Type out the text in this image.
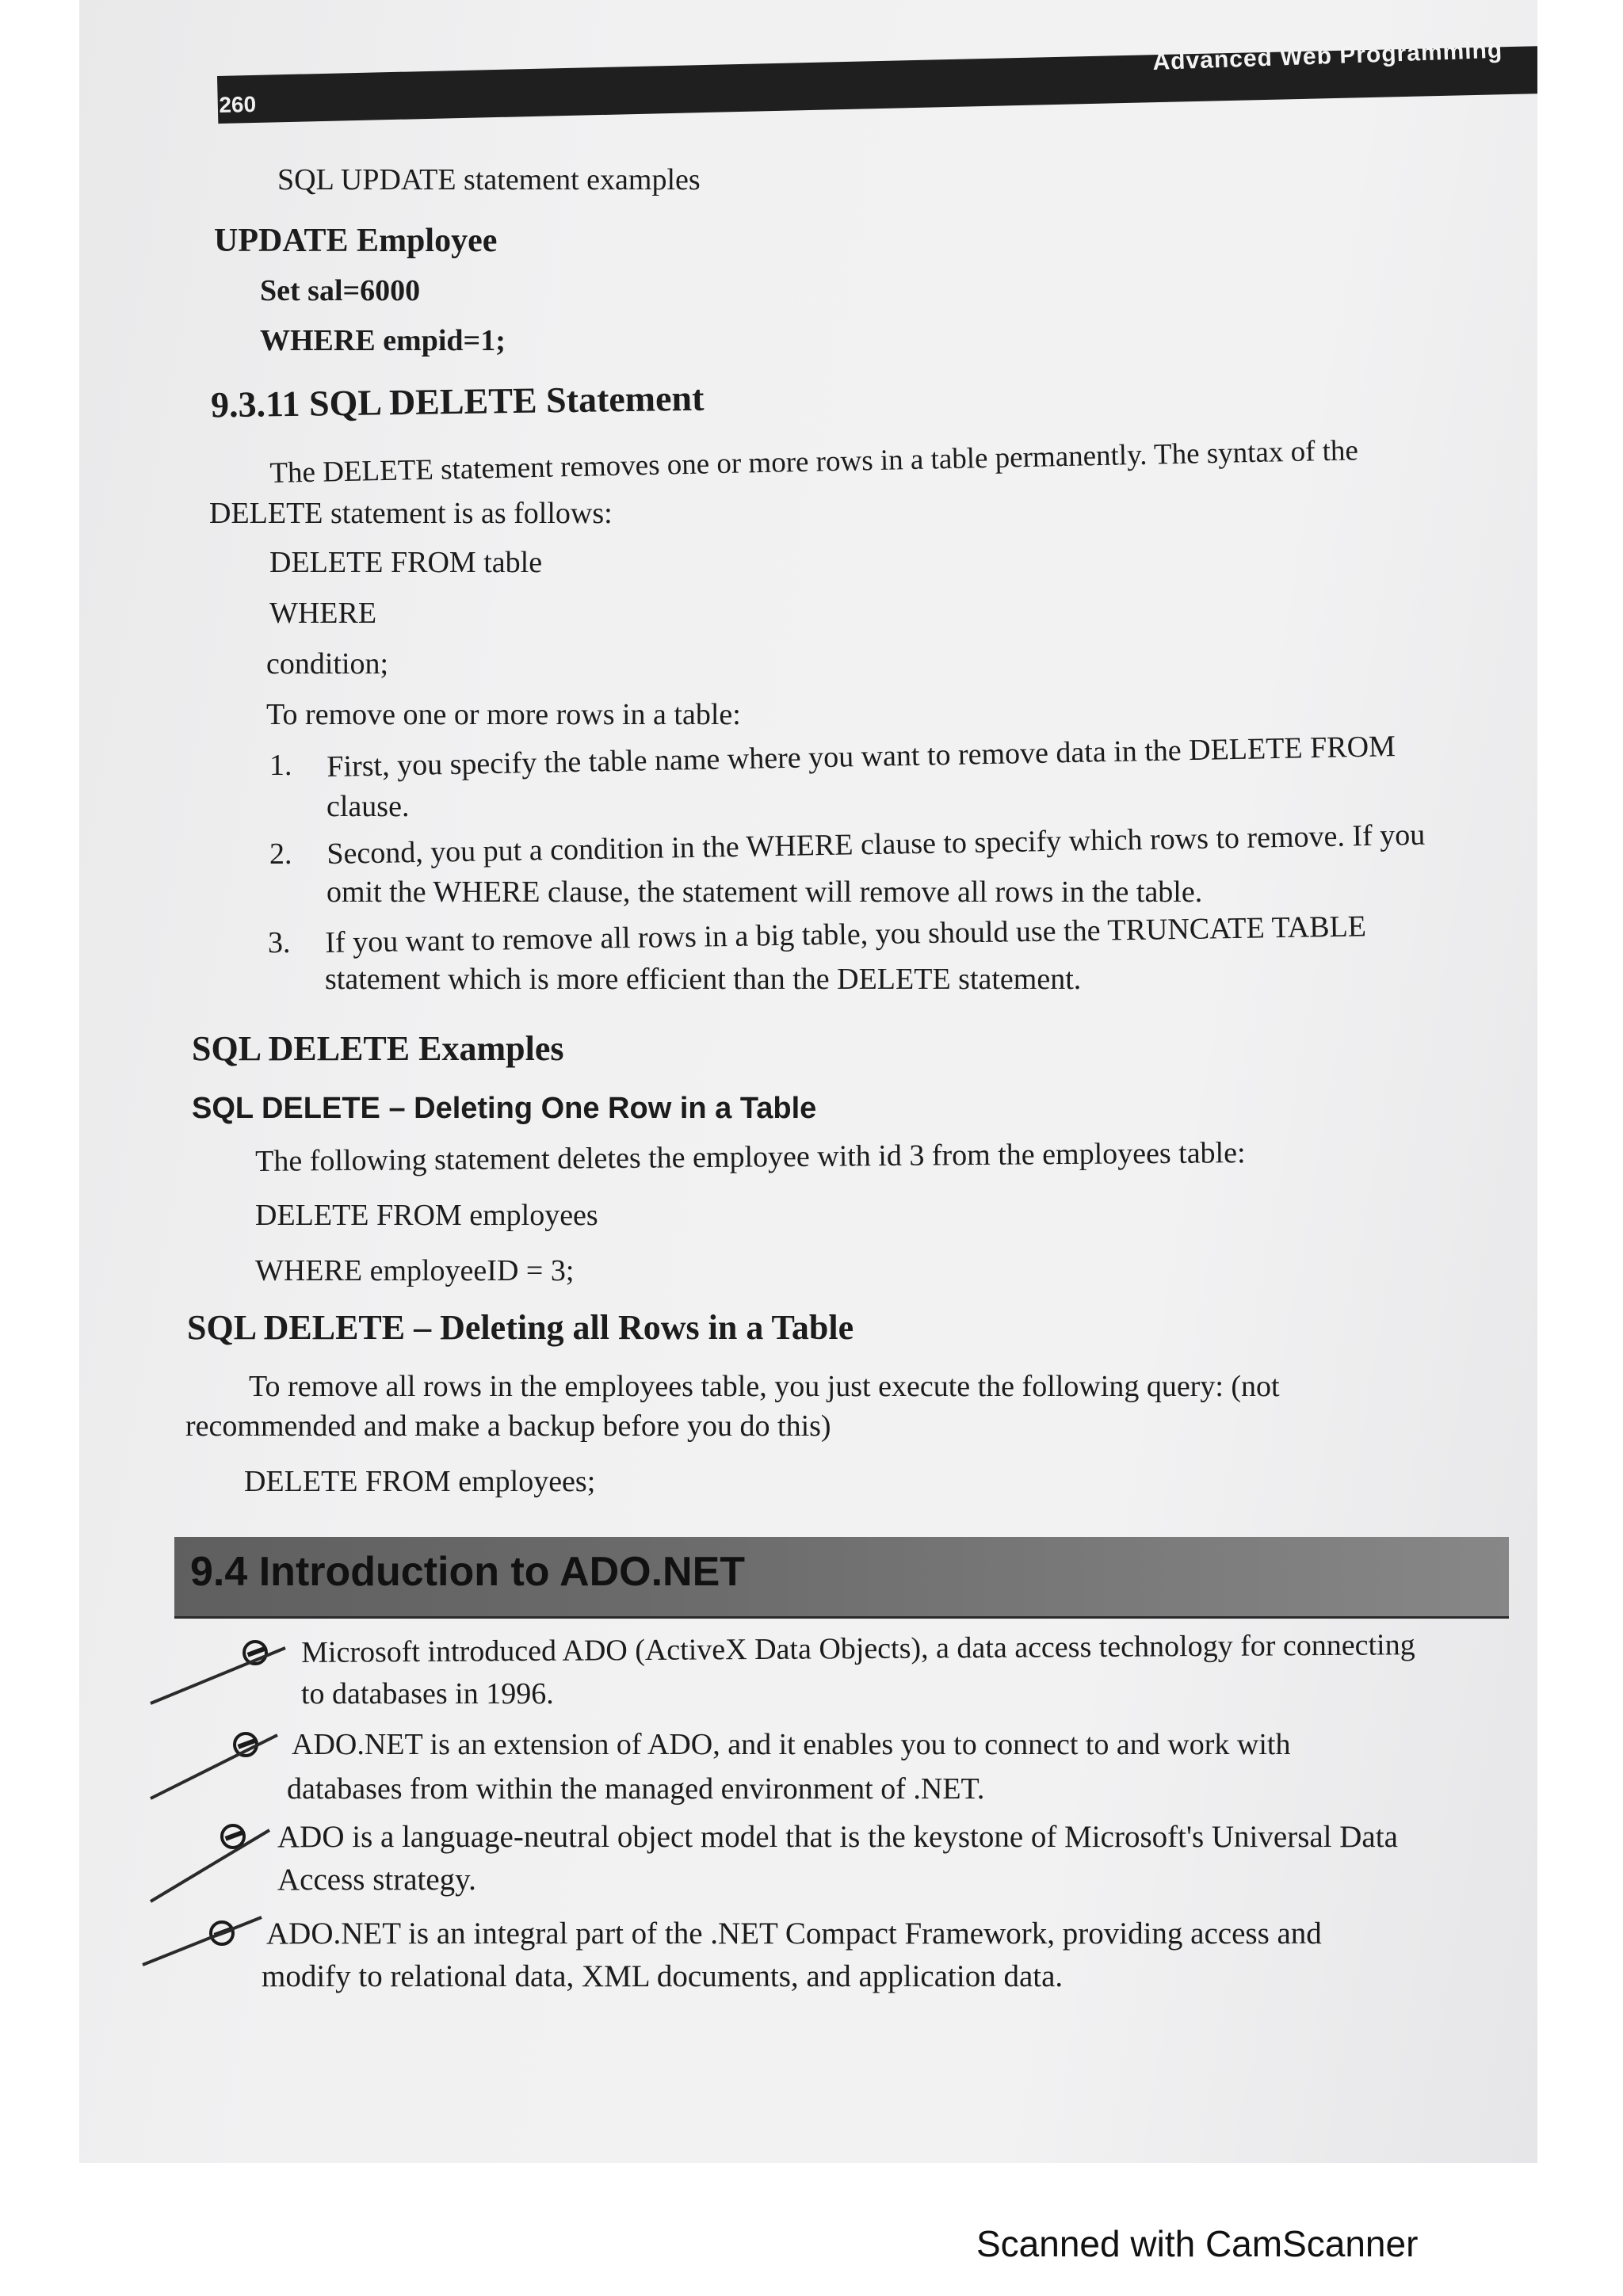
260
Advanced Web Programming
SQL UPDATE statement examples
UPDATE Employee
Set sal=6000
WHERE empid=1;
9.3.11 SQL DELETE Statement
The DELETE statement removes one or more rows in a table permanently. The syntax of the
DELETE statement is as follows:
DELETE FROM table
WHERE
condition;
To remove one or more rows in a table:
1. First, you specify the table name where you want to remove data in the DELETE FROM
clause.
2. Second, you put a condition in the WHERE clause to specify which rows to remove. If you
omit the WHERE clause, the statement will remove all rows in the table.
3. If you want to remove all rows in a big table, you should use the TRUNCATE TABLE
statement which is more efficient than the DELETE statement.
SQL DELETE Examples
SQL DELETE – Deleting One Row in a Table
The following statement deletes the employee with id 3 from the employees table:
DELETE FROM employees
WHERE employeeID = 3;
SQL DELETE – Deleting all Rows in a Table
To remove all rows in the employees table, you just execute the following query: (not
recommended and make a backup before you do this)
DELETE FROM employees;
9.4 Introduction to ADO.NET
Microsoft introduced ADO (ActiveX Data Objects), a data access technology for connecting
to databases in 1996.
ADO.NET is an extension of ADO, and it enables you to connect to and work with
databases from within the managed environment of .NET.
ADO is a language-neutral object model that is the keystone of Microsoft's Universal Data
Access strategy.
ADO.NET is an integral part of the .NET Compact Framework, providing access and
modify to relational data, XML documents, and application data.
Scanned with CamScanner
